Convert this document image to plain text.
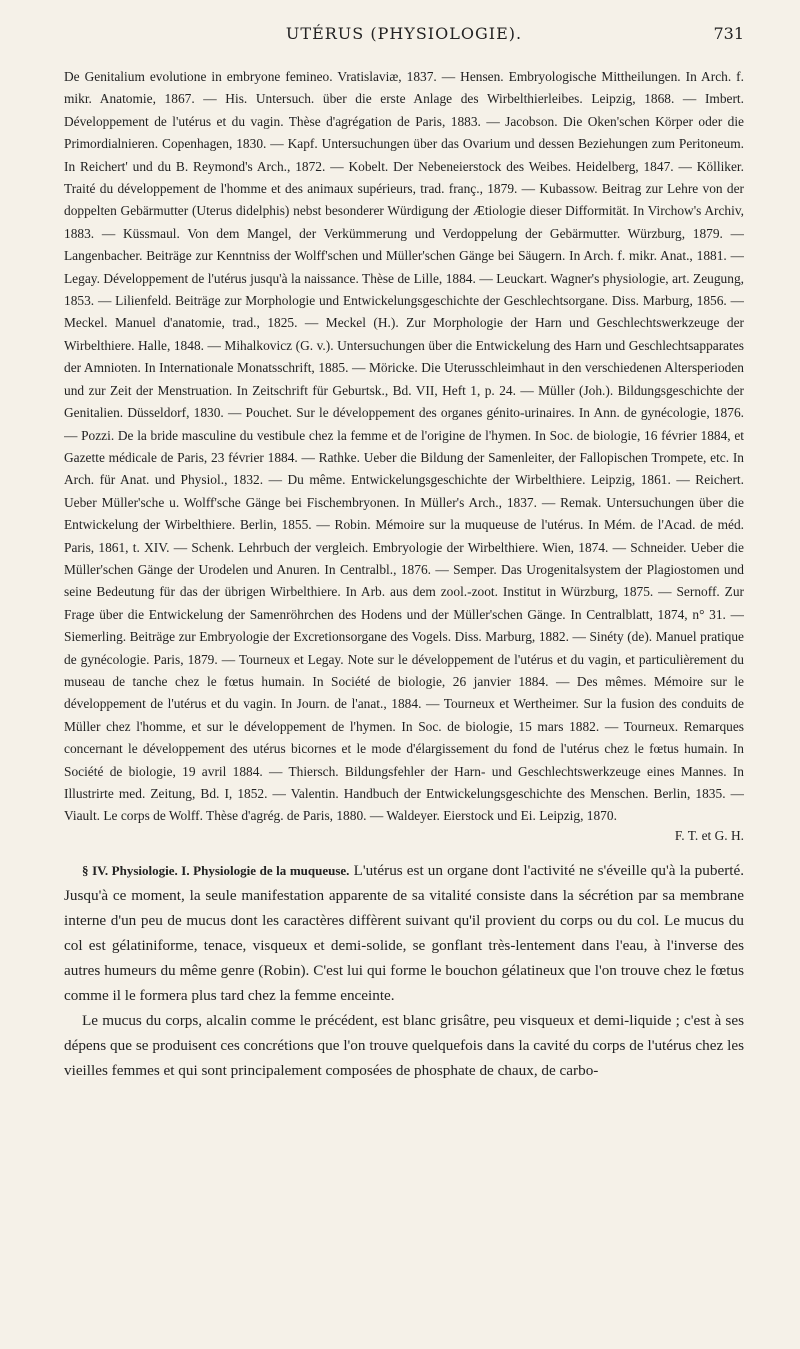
UTÉRUS (PHYSIOLOGIE).	731

De Genitalium evolutione in embryone femineo. Vratislaviæ, 1837. — Hensen. Embryologische Mittheilungen. In Arch. f. mikr. Anatomie, 1867. — His. Untersuch. über die erste Anlage des Wirbelthierleibes. Leipzig, 1868. — Imbert. Développement de l'utérus et du vagin. Thèse d'agrégation de Paris, 1883. — Jacobson. Die Oken'schen Körper oder die Primordialnieren. Copenhagen, 1830. — Kapf. Untersuchungen über das Ovarium und dessen Beziehungen zum Peritoneum. In Reichert' und du B. Reymond's Arch., 1872. — Kobelt. Der Nebeneierstock des Weibes. Heidelberg, 1847. — Kölliker. Traité du développement de l'homme et des animaux supérieurs, trad. franç., 1879. — Kubassow. Beitrag zur Lehre von der doppelten Gebärmutter (Uterus didelphis) nebst besonderer Würdigung der Ætiologie dieser Difformität. In Virchow's Archiv, 1883. — Küssmaul. Von dem Mangel, der Verkümmerung und Verdoppelung der Gebärmutter. Würzburg, 1879. — Langenbacher. Beiträge zur Kenntniss der Wolff'schen und Müller'schen Gänge bei Säugern. In Arch. f. mikr. Anat., 1881. — Legay. Développement de l'utérus jusqu'à la naissance. Thèse de Lille, 1884. — Leuckart. Wagner's physiologie, art. Zeugung, 1853. — Lilienfeld. Beiträge zur Morphologie und Entwickelungsgeschichte der Geschlechtsorgane. Diss. Marburg, 1856. — Meckel. Manuel d'anatomie, trad., 1825. — Meckel (H.). Zur Morphologie der Harn und Geschlechtswerkzeuge der Wirbelthiere. Halle, 1848. — Mihalkovicz (G. v.). Untersuchungen über die Entwickelung des Harn und Geschlechtsapparates der Amnioten. In Internationale Monatsschrift, 1885. — Möricke. Die Uterusschleimhaut in den verschiedenen Altersperioden und zur Zeit der Menstruation. In Zeitschrift für Geburtsk., Bd. VII, Heft 1, p. 24. — Müller (Joh.). Bildungsgeschichte der Genitalien. Düsseldorf, 1830. — Pouchet. Sur le développement des organes génito-urinaires. In Ann. de gynécologie, 1876. — Pozzi. De la bride masculine du vestibule chez la femme et de l'origine de l'hymen. In Soc. de biologie, 16 février 1884, et Gazette médicale de Paris, 23 février 1884. — Rathke. Ueber die Bildung der Samenleiter, der Fallopischen Trompete, etc. In Arch. für Anat. und Physiol., 1832. — Du même. Entwickelungsgeschichte der Wirbelthiere. Leipzig, 1861. — Reichert. Ueber Müller'sche u. Wolff'sche Gänge bei Fischembryonen. In Müller's Arch., 1837. — Remak. Untersuchungen über die Entwickelung der Wirbelthiere. Berlin, 1855. — Robin. Mémoire sur la muqueuse de l'utérus. In Mém. de l'Acad. de méd. Paris, 1861, t. XIV. — Schenk. Lehrbuch der vergleich. Embryologie der Wirbelthiere. Wien, 1874. — Schneider. Ueber die Müller'schen Gänge der Urodelen und Anuren. In Centralbl., 1876. — Semper. Das Urogenitalsystem der Plagiostomen und seine Bedeutung für das der übrigen Wirbelthiere. In Arb. aus dem zool.-zoot. Institut in Würzburg, 1875. — Sernoff. Zur Frage über die Entwickelung der Samenröhrchen des Hodens und der Müller'schen Gänge. In Centralblatt, 1874, n° 31. — Siemerling. Beiträge zur Embryologie der Excretionsorgane des Vogels. Diss. Marburg, 1882. — Sinéty (de). Manuel pratique de gynécologie. Paris, 1879. — Tourneux et Legay. Note sur le développement de l'utérus et du vagin, et particulièrement du museau de tanche chez le fœtus humain. In Société de biologie, 26 janvier 1884. — Des mêmes. Mémoire sur le développement de l'utérus et du vagin. In Journ. de l'anat., 1884. — Tourneux et Wertheimer. Sur la fusion des conduits de Müller chez l'homme, et sur le développement de l'hymen. In Soc. de biologie, 15 mars 1882. — Tourneux. Remarques concernant le développement des utérus bicornes et le mode d'élargissement du fond de l'utérus chez le fœtus humain. In Société de biologie, 19 avril 1884. — Thiersch. Bildungsfehler der Harn- und Geschlechtswerkzeuge eines Mannes. In Illustrirte med. Zeitung, Bd. I, 1852. — Valentin. Handbuch der Entwickelungsgeschichte des Menschen. Berlin, 1835. — Viault. Le corps de Wolff. Thèse d'agrég. de Paris, 1880. — Waldeyer. Eierstock und Ei. Leipzig, 1870.

F. T. et G. H.

§ IV. Physiologie. I. Physiologie de la muqueuse. L'utérus est un organe dont l'activité ne s'éveille qu'à la puberté. Jusqu'à ce moment, la seule manifestation apparente de sa vitalité consiste dans la sécrétion par sa membrane interne d'un peu de mucus dont les caractères diffèrent suivant qu'il provient du corps ou du col. Le mucus du col est gélatiniforme, tenace, visqueux et demi-solide, se gonflant très-lentement dans l'eau, à l'inverse des autres humeurs du même genre (Robin). C'est lui qui forme le bouchon gélatineux que l'on trouve chez le fœtus comme il le formera plus tard chez la femme enceinte.

Le mucus du corps, alcalin comme le précédent, est blanc grisâtre, peu visqueux et demi-liquide ; c'est à ses dépens que se produisent ces concrétions que l'on trouve quelquefois dans la cavité du corps de l'utérus chez les vieilles femmes et qui sont principalement composées de phosphate de chaux, de carbo-
